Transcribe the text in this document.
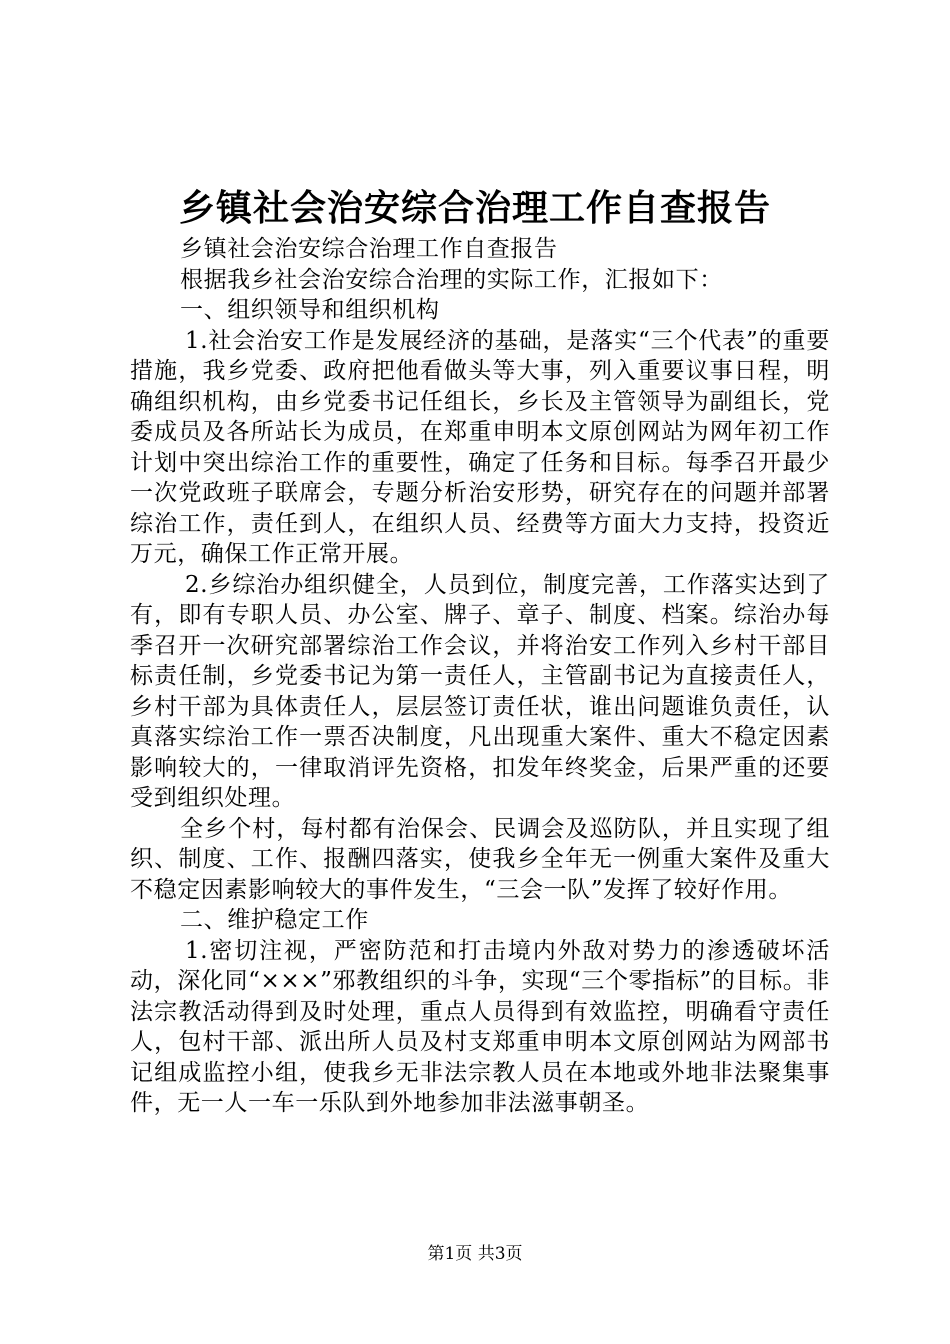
乡镇社会治安综合治理工作自查报告

乡镇社会治安综合治理工作自查报告

根据我乡社会治安综合治理的实际工作，汇报如下：

一、组织领导和组织机构

1.社会治安工作是发展经济的基础，是落实“三个代表”的重要措施，我乡党委、政府把他看做头等大事，列入重要议事日程，明确组织机构，由乡党委书记任组长，乡长及主管领导为副组长，党委成员及各所站长为成员，在郑重申明本文原创网站为网年初工作计划中突出综治工作的重要性，确定了任务和目标。每季召开最少一次党政班子联席会，专题分析治安形势，研究存在的问题并部署综治工作，责任到人，在组织人员、经费等方面大力支持，投资近万元，确保工作正常开展。

2.乡综治办组织健全，人员到位，制度完善，工作落实达到了有，即有专职人员、办公室、牌子、章子、制度、档案。综治办每季召开一次研究部署综治工作会议，并将治安工作列入乡村干部目标责任制，乡党委书记为第一责任人，主管副书记为直接责任人，乡村干部为具体责任人，层层签订责任状，谁出问题谁负责任，认真落实综治工作一票否决制度，凡出现重大案件、重大不稳定因素影响较大的，一律取消评先资格，扣发年终奖金，后果严重的还要受到组织处理。

全乡个村，每村都有治保会、民调会及巡防队，并且实现了组织、制度、工作、报酬四落实，使我乡全年无一例重大案件及重大不稳定因素影响较大的事件发生，“三会一队”发挥了较好作用。

二、维护稳定工作

1.密切注视，严密防范和打击境内外敌对势力的渗透破坏活动，深化同“×××”邪教组织的斗争，实现“三个零指标”的目标。非法宗教活动得到及时处理，重点人员得到有效监控，明确看守责任人，包村干部、派出所人员及村支郑重申明本文原创网站为网部书记组成监控小组，使我乡无非法宗教人员在本地或外地非法聚集事件，无一人一车一乐队到外地参加非法滋事朝圣。

第1页 共3页
